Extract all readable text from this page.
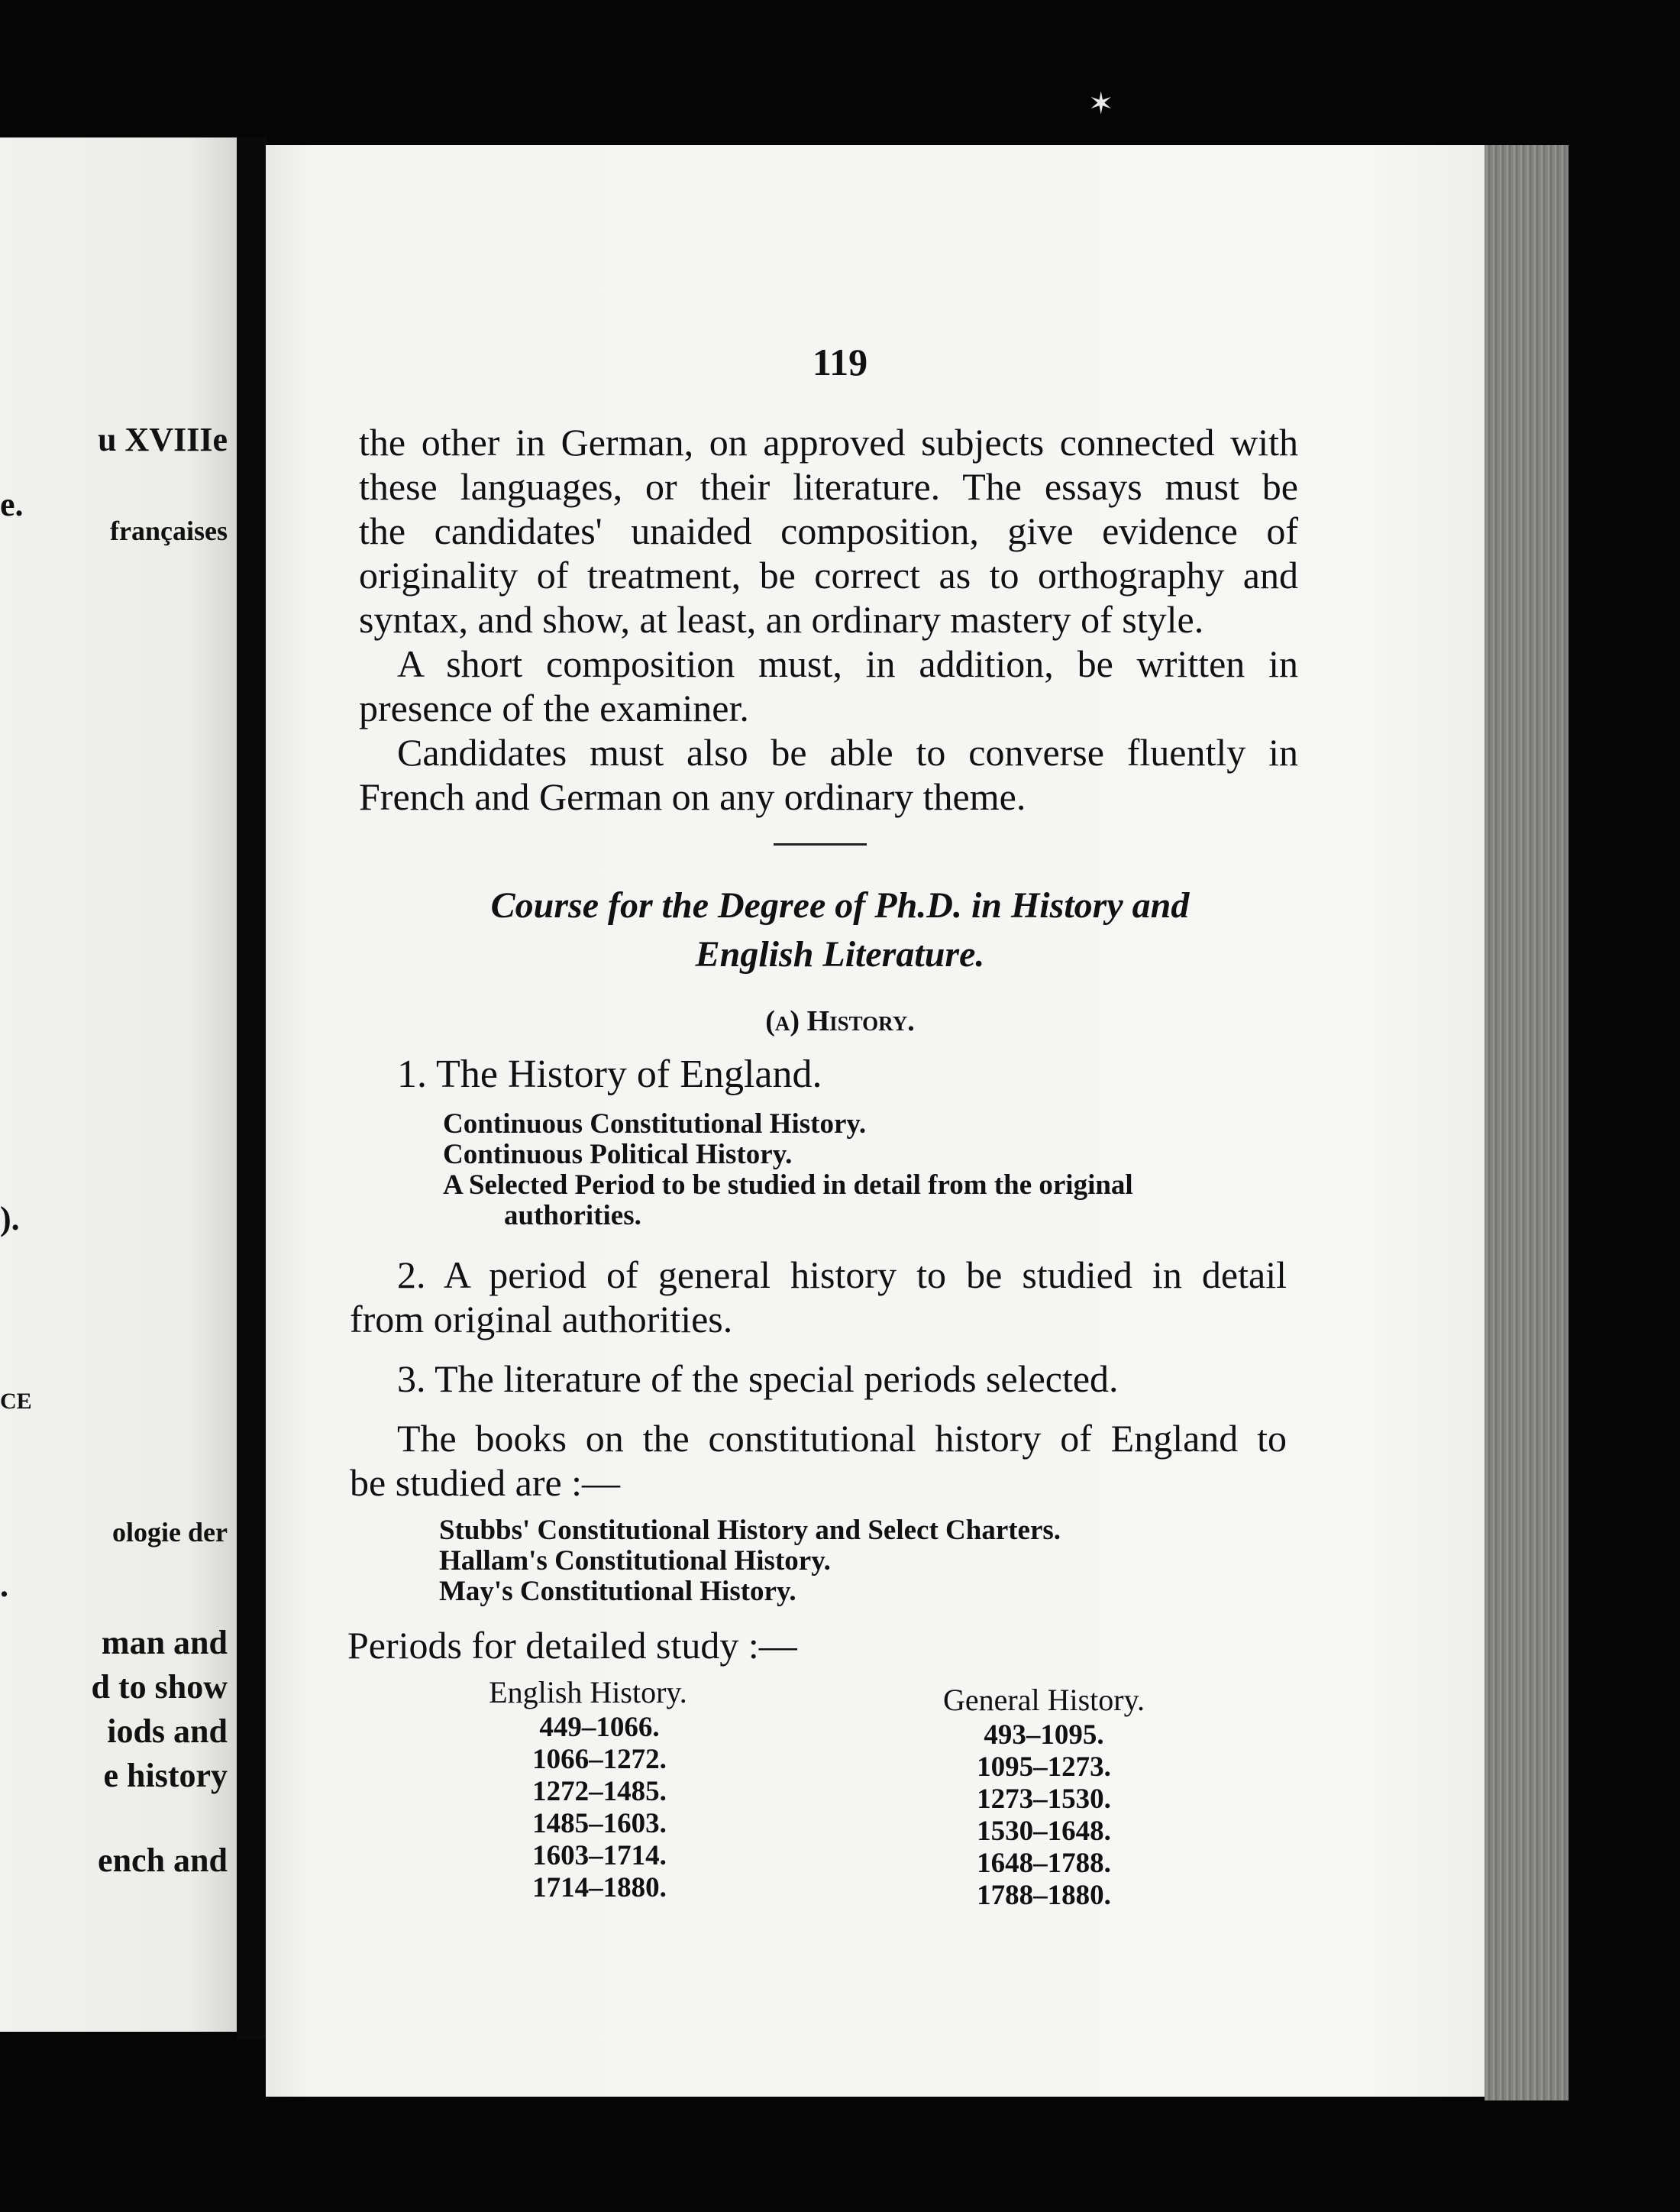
u XVIIIe
e.
françaises
).
CE
ologie der
.
man and
d to show
iods and
e history
ench and
✶
119
the other in German, on approved subjects connected with
these languages, or their literature. The essays must be
the candidates' unaided composition, give evidence of
originality of treatment, be correct as to orthography and
syntax, and show, at least, an ordinary mastery of style.
A short composition must, in addition, be written in
presence of the examiner.
Candidates must also be able to converse fluently in
French and German on any ordinary theme.
Course for the Degree of Ph.D. in History and
English Literature.
(a) History.
1. The History of England.
Continuous Constitutional History.
Continuous Political History.
A Selected Period to be studied in detail from the original
authorities.
2. A period of general history to be studied in detail
from original authorities.
3. The literature of the special periods selected.
The books on the constitutional history of England to
be studied are :—
Stubbs' Constitutional History and Select Charters.
Hallam's Constitutional History.
May's Constitutional History.
Periods for detailed study :—
English History.	General History.
449–1066.
1066–1272.
1272–1485.
1485–1603.
1603–1714.
1714–1880.
493–1095.
1095–1273.
1273–1530.
1530–1648.
1648–1788.
1788–1880.
